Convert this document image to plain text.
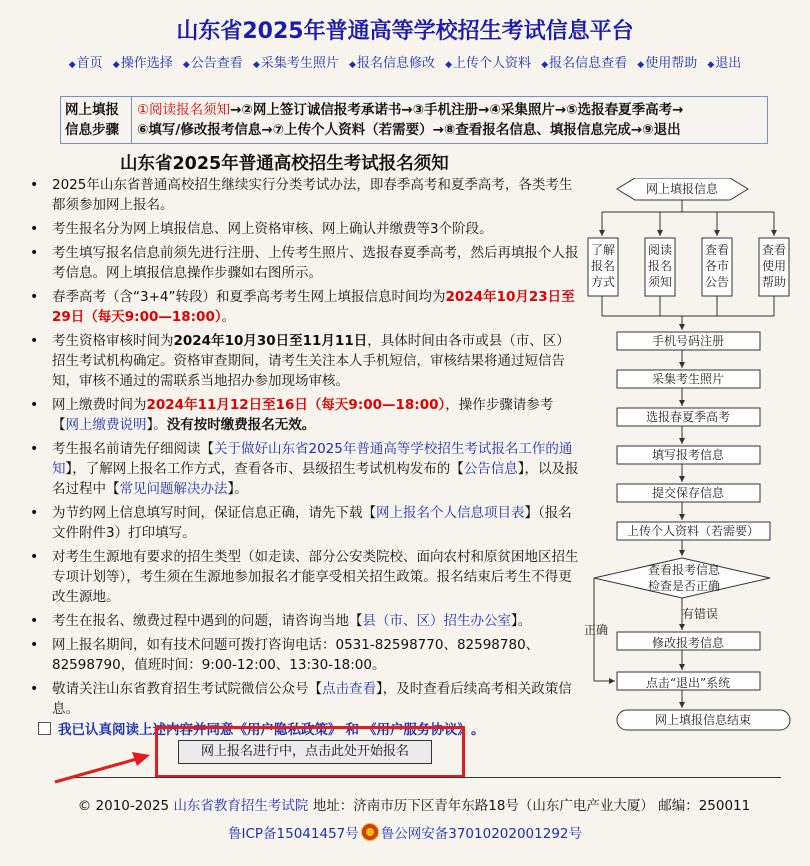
山东省2025年普通高等学校招生考试信息平台
◆ 首页 ◆ 操作选择 ◆ 公告查看 ◆ 采集考生照片 ◆ 报名信息修改 ◆ 上传个人资料 ◆ 报名信息查看 ◆ 使用帮助 ◆ 退出
网上填报
信息步骤
①阅读报名须知→②网上签订诚信报考承诺书→③手机注册→④采集照片→⑤选报春夏季高考→
⑥填写/修改报考信息→⑦上传个人资料（若需要）→⑧查看报名信息、填报信息完成→⑨退出
山东省2025年普通高校招生考试报名须知
• 2025年山东省普通高校招生继续实行分类考试办法，即春季高考和夏季高考，各类考生都须参加网上报名。
• 考生报名分为网上填报信息、网上资格审核、网上确认并缴费等3个阶段。
• 考生填写报名信息前须先进行注册、上传考生照片、选报春夏季高考，然后再填报个人报考信息。网上填报信息操作步骤如右图所示。
• 春季高考（含“3+4”转段）和夏季高考考生网上填报信息时间均为2024年10月23日至29日（每天9:00—18:00）。
• 考生资格审核时间为2024年10月30日至11月11日，具体时间由各市或县（市、区）招生考试机构确定。资格审查期间，请考生关注本人手机短信，审核结果将通过短信告知，审核不通过的需联系当地招办参加现场审核。
• 网上缴费时间为2024年11月12日至16日（每天9:00—18:00），操作步骤请参考【网上缴费说明】。没有按时缴费报名无效。
• 考生报名前请先仔细阅读【关于做好山东省2025年普通高等学校招生考试报名工作的通知】，了解网上报名工作方式，查看各市、县级招生考试机构发布的【公告信息】，以及报名过程中【常见问题解决办法】。
• 为节约网上信息填写时间，保证信息正确，请先下载【网上报名个人信息项目表】（报名文件附件3）打印填写。
• 对考生生源地有要求的招生类型（如走读、部分公安类院校、面向农村和原贫困地区招生专项计划等），考生须在生源地参加报名才能享受相关招生政策。报名结束后考生不得更改生源地。
• 考生在报名、缴费过程中遇到的问题，请咨询当地【县（市、区）招生办公室】。
• 网上报名期间，如有技术问题可拨打咨询电话：0531-82598770、82598780、82598790，值班时间：9:00-12:00、13:30-18:00。
• 敬请关注山东省教育招生考试院微信公众号【点击查看】，及时查看后续高考相关政策信息。
我已认真阅读上述内容并同意 《用户隐私政策》 和 《用户服务协议》 。
网上报名进行中，点击此处开始报名
© 2010-2025 山东省教育招生考试院 地址：济南市历下区青年东路18号（山东广电产业大厦） 邮编：250011
鲁ICP备15041457号 鲁公网安备37010202001292号
网上填报信息
了解
报名
方式
阅读
报名
须知
查看
各市
公告
查看
使用
帮助
手机号码注册
采集考生照片
选报春夏季高考
填写报考信息
提交保存信息
上传个人资料（若需要）
查看报考信息
检查是否正确
有错误
正确
修改报考信息
点击“退出”系统
网上填报信息结束
